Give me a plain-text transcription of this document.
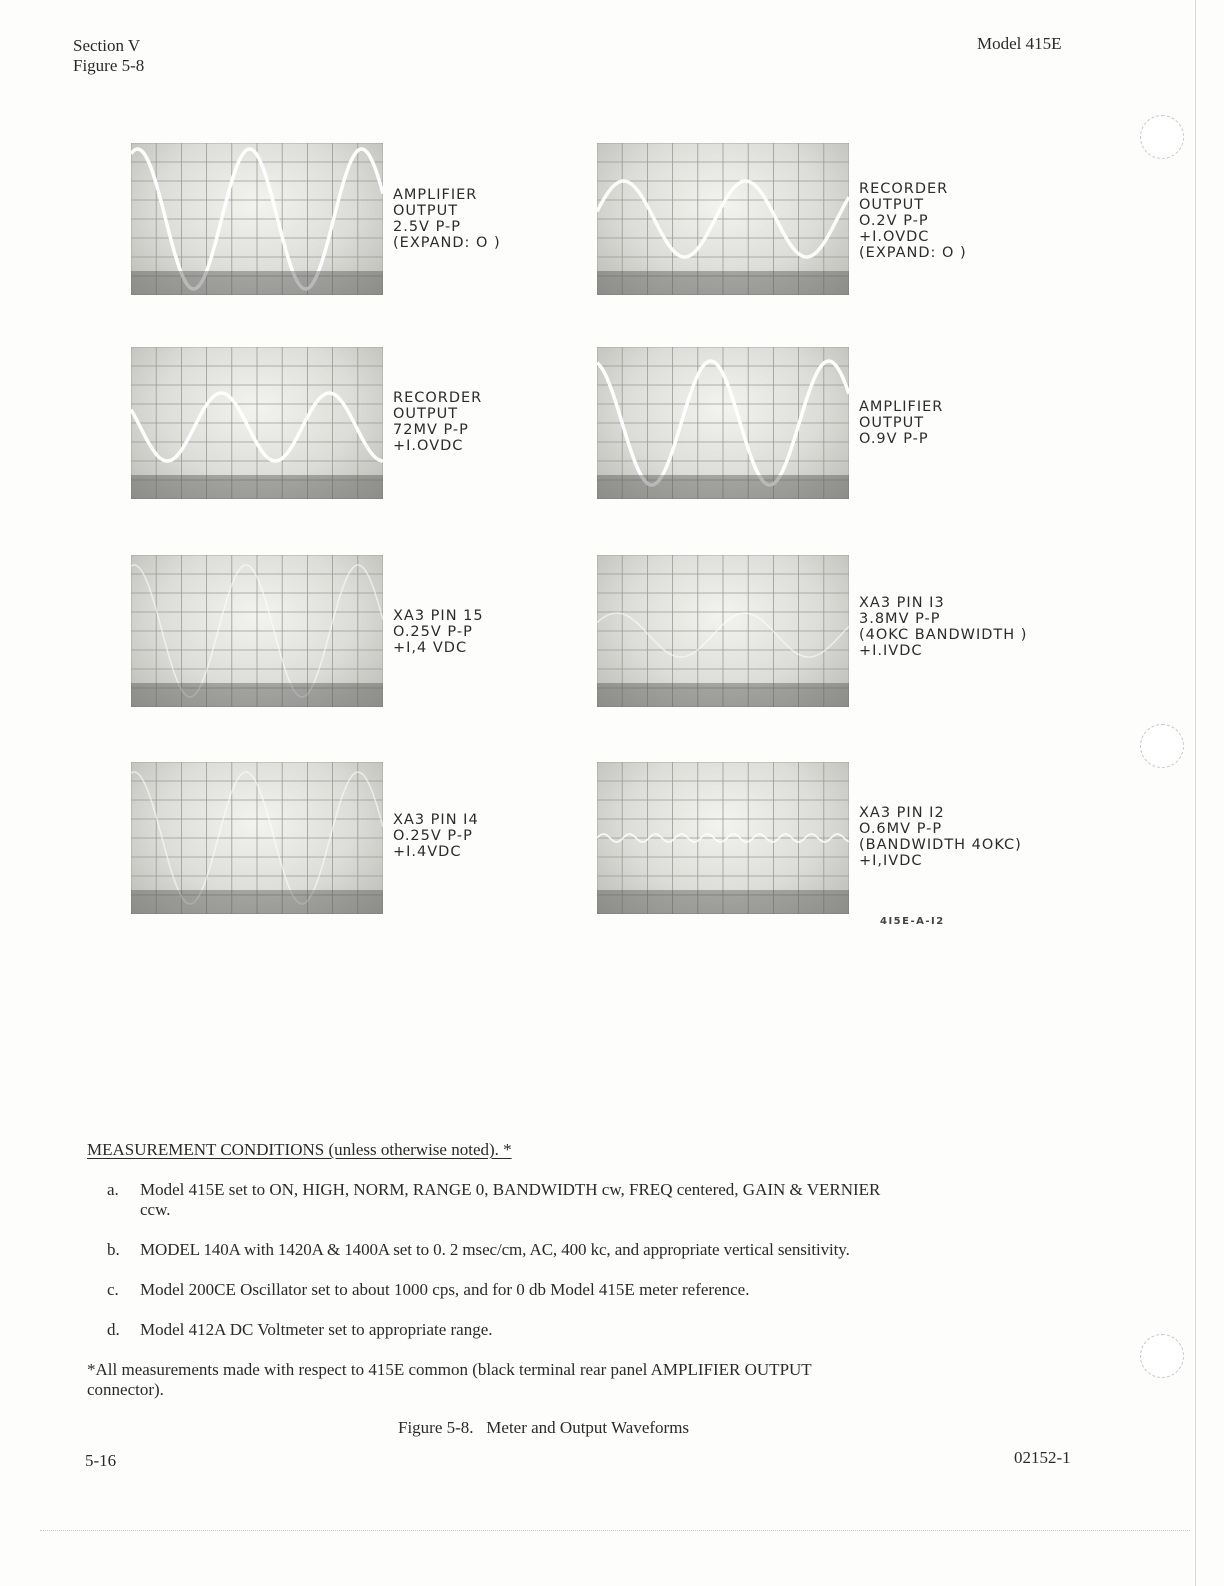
Section V
Figure 5-8
Model 415E
AMPLIFIER
OUTPUT
2.5V P-P
(EXPAND: O )
RECORDER
OUTPUT
O.2V P-P
+I.OVDC
(EXPAND: O )
RECORDER
OUTPUT
72MV P-P
+I.OVDC
AMPLIFIER
OUTPUT
O.9V P-P
XA3 PIN 15
O.25V P-P
+I,4 VDC
XA3 PIN I3
3.8MV P-P
(4OKC BANDWIDTH )
+I.IVDC
XA3 PIN I4
O.25V P-P
+I.4VDC
XA3 PIN I2
O.6MV P-P
(BANDWIDTH 4OKC)
+I,IVDC
4I5E-A-I2
MEASUREMENT CONDITIONS (unless otherwise noted). *
a. Model 415E set to ON, HIGH, NORM, RANGE 0, BANDWIDTH cw, FREQ centered, GAIN & VERNIER
ccw.
b. MODEL 140A with 1420A & 1400A set to 0. 2 msec/cm, AC, 400 kc, and appropriate vertical sensitivity.
c. Model 200CE Oscillator set to about 1000 cps, and for 0 db Model 415E meter reference.
d. Model 412A DC Voltmeter set to appropriate range.
*All measurements made with respect to 415E common (black terminal rear panel AMPLIFIER OUTPUT
connector).
Figure 5-8.   Meter and Output Waveforms
5-16	02152-1
